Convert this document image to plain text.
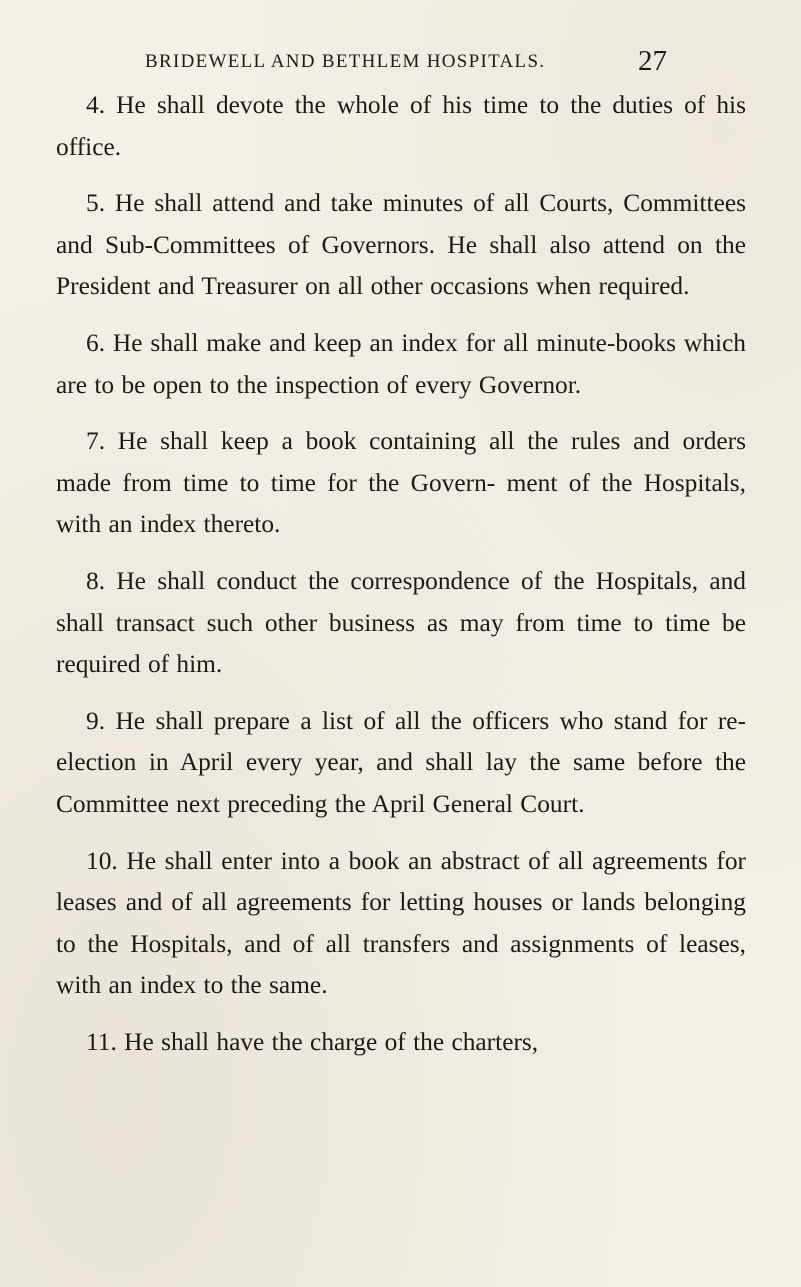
BRIDEWELL AND BETHLEM HOSPITALS.	27

4. He shall devote the whole of his time to the duties of his office.

5. He shall attend and take minutes of all Courts, Committees and Sub-Committees of Governors. He shall also attend on the President and Treasurer on all other occasions when required.

6. He shall make and keep an index for all minute-books which are to be open to the inspection of every Governor.

7. He shall keep a book containing all the rules and orders made from time to time for the Govern- ment of the Hospitals, with an index thereto.

8. He shall conduct the correspondence of the Hospitals, and shall transact such other business as may from time to time be required of him.

9. He shall prepare a list of all the officers who stand for re-election in April every year, and shall lay the same before the Committee next preceding the April General Court.

10. He shall enter into a book an abstract of all agreements for leases and of all agreements for letting houses or lands belonging to the Hospitals, and of all transfers and assignments of leases, with an index to the same.

11. He shall have the charge of the charters,
